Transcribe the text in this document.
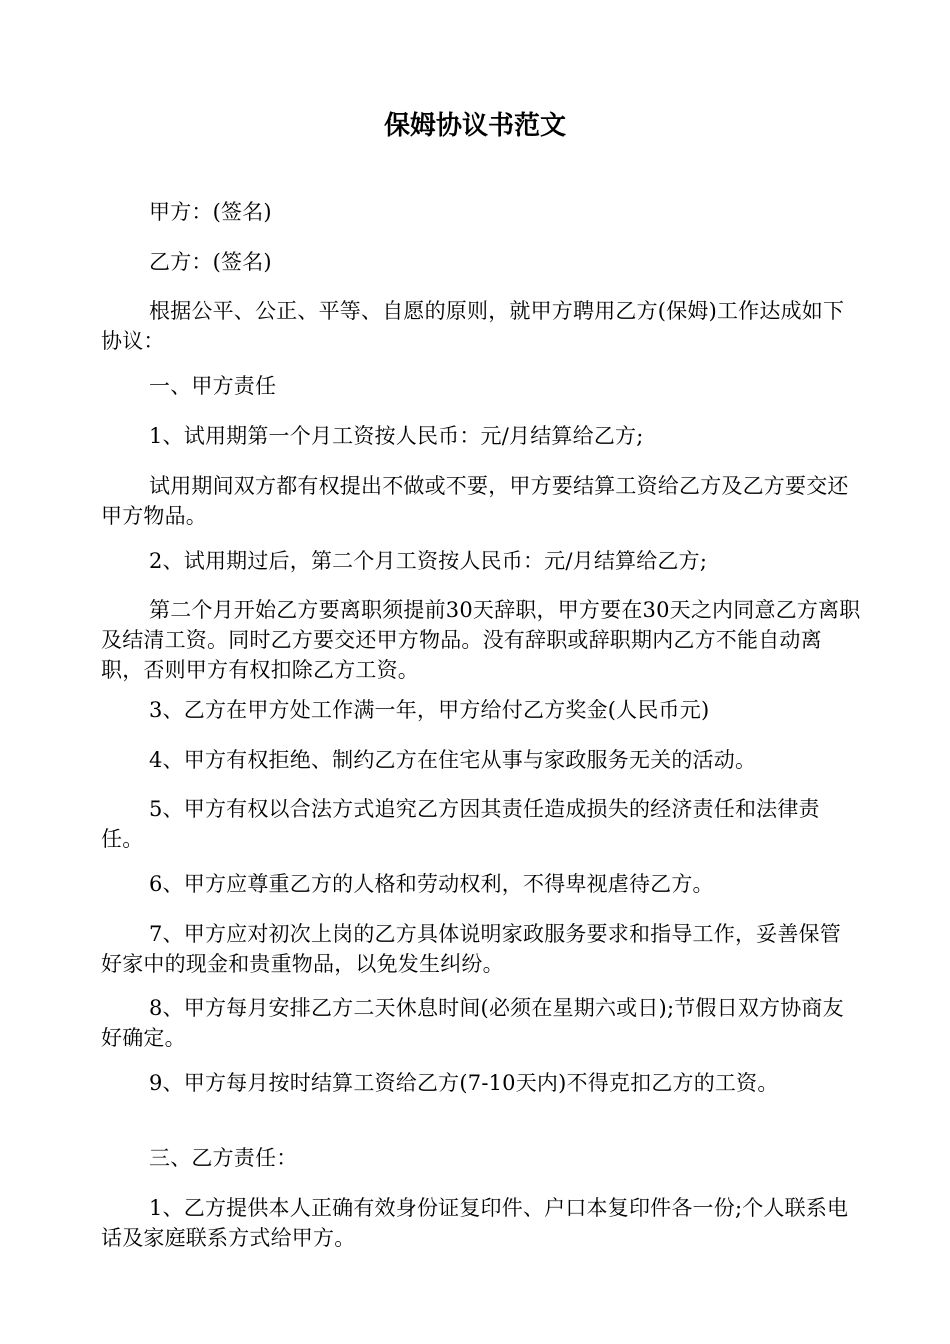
保姆协议书范文

甲方：(签名)

乙方：(签名)

根据公平、公正、平等、自愿的原则，就甲方聘用乙方(保姆)工作达成如下协议：

一、甲方责任

1、试用期第一个月工资按人民币：元/月结算给乙方;

试用期间双方都有权提出不做或不要，甲方要结算工资给乙方及乙方要交还甲方物品。

2、试用期过后，第二个月工资按人民币：元/月结算给乙方;

第二个月开始乙方要离职须提前30天辞职，甲方要在30天之内同意乙方离职及结清工资。同时乙方要交还甲方物品。没有辞职或辞职期内乙方不能自动离职，否则甲方有权扣除乙方工资。

3、乙方在甲方处工作满一年，甲方给付乙方奖金(人民币元)

4、甲方有权拒绝、制约乙方在住宅从事与家政服务无关的活动。

5、甲方有权以合法方式追究乙方因其责任造成损失的经济责任和法律责任。

6、甲方应尊重乙方的人格和劳动权利，不得卑视虐待乙方。

7、甲方应对初次上岗的乙方具体说明家政服务要求和指导工作，妥善保管好家中的现金和贵重物品，以免发生纠纷。

8、甲方每月安排乙方二天休息时间(必须在星期六或日);节假日双方协商友好确定。

9、甲方每月按时结算工资给乙方(7-10天内)不得克扣乙方的工资。

三、乙方责任：

1、乙方提供本人正确有效身份证复印件、户口本复印件各一份;个人联系电话及家庭联系方式给甲方。
